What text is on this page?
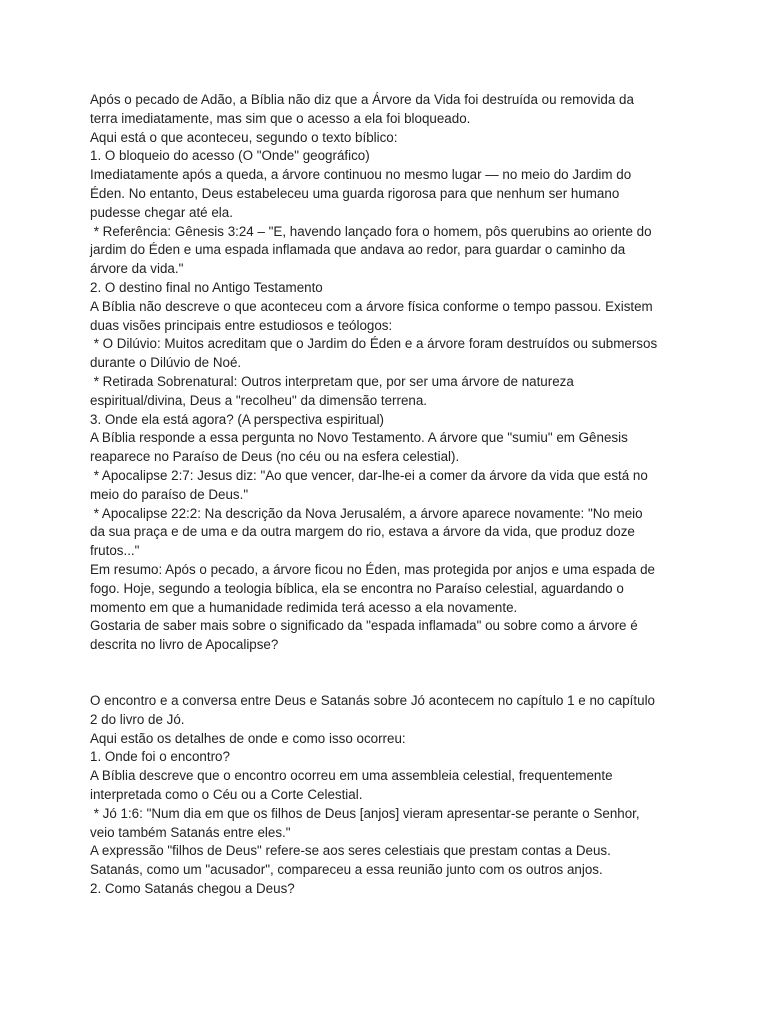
Após o pecado de Adão, a Bíblia não diz que a Árvore da Vida foi destruída ou removida da
terra imediatamente, mas sim que o acesso a ela foi bloqueado.
Aqui está o que aconteceu, segundo o texto bíblico:
1. O bloqueio do acesso (O "Onde" geográfico)
Imediatamente após a queda, a árvore continuou no mesmo lugar — no meio do Jardim do
Éden. No entanto, Deus estabeleceu uma guarda rigorosa para que nenhum ser humano
pudesse chegar até ela.
* Referência: Gênesis 3:24 – "E, havendo lançado fora o homem, pôs querubins ao oriente do
jardim do Éden e uma espada inflamada que andava ao redor, para guardar o caminho da
árvore da vida."
2. O destino final no Antigo Testamento
A Bíblia não descreve o que aconteceu com a árvore física conforme o tempo passou. Existem
duas visões principais entre estudiosos e teólogos:
* O Dilúvio: Muitos acreditam que o Jardim do Éden e a árvore foram destruídos ou submersos
durante o Dilúvio de Noé.
* Retirada Sobrenatural: Outros interpretam que, por ser uma árvore de natureza
espiritual/divina, Deus a "recolheu" da dimensão terrena.
3. Onde ela está agora? (A perspectiva espiritual)
A Bíblia responde a essa pergunta no Novo Testamento. A árvore que "sumiu" em Gênesis
reaparece no Paraíso de Deus (no céu ou na esfera celestial).
* Apocalipse 2:7: Jesus diz: "Ao que vencer, dar-lhe-ei a comer da árvore da vida que está no
meio do paraíso de Deus."
* Apocalipse 22:2: Na descrição da Nova Jerusalém, a árvore aparece novamente: "No meio
da sua praça e de uma e da outra margem do rio, estava a árvore da vida, que produz doze
frutos..."
Em resumo: Após o pecado, a árvore ficou no Éden, mas protegida por anjos e uma espada de
fogo. Hoje, segundo a teologia bíblica, ela se encontra no Paraíso celestial, aguardando o
momento em que a humanidade redimida terá acesso a ela novamente.
Gostaria de saber mais sobre o significado da "espada inflamada" ou sobre como a árvore é
descrita no livro de Apocalipse?
O encontro e a conversa entre Deus e Satanás sobre Jó acontecem no capítulo 1 e no capítulo
2 do livro de Jó.
Aqui estão os detalhes de onde e como isso ocorreu:
1. Onde foi o encontro?
A Bíblia descreve que o encontro ocorreu em uma assembleia celestial, frequentemente
interpretada como o Céu ou a Corte Celestial.
* Jó 1:6: "Num dia em que os filhos de Deus [anjos] vieram apresentar-se perante o Senhor,
veio também Satanás entre eles."
A expressão "filhos de Deus" refere-se aos seres celestiais que prestam contas a Deus.
Satanás, como um "acusador", compareceu a essa reunião junto com os outros anjos.
2. Como Satanás chegou a Deus?
